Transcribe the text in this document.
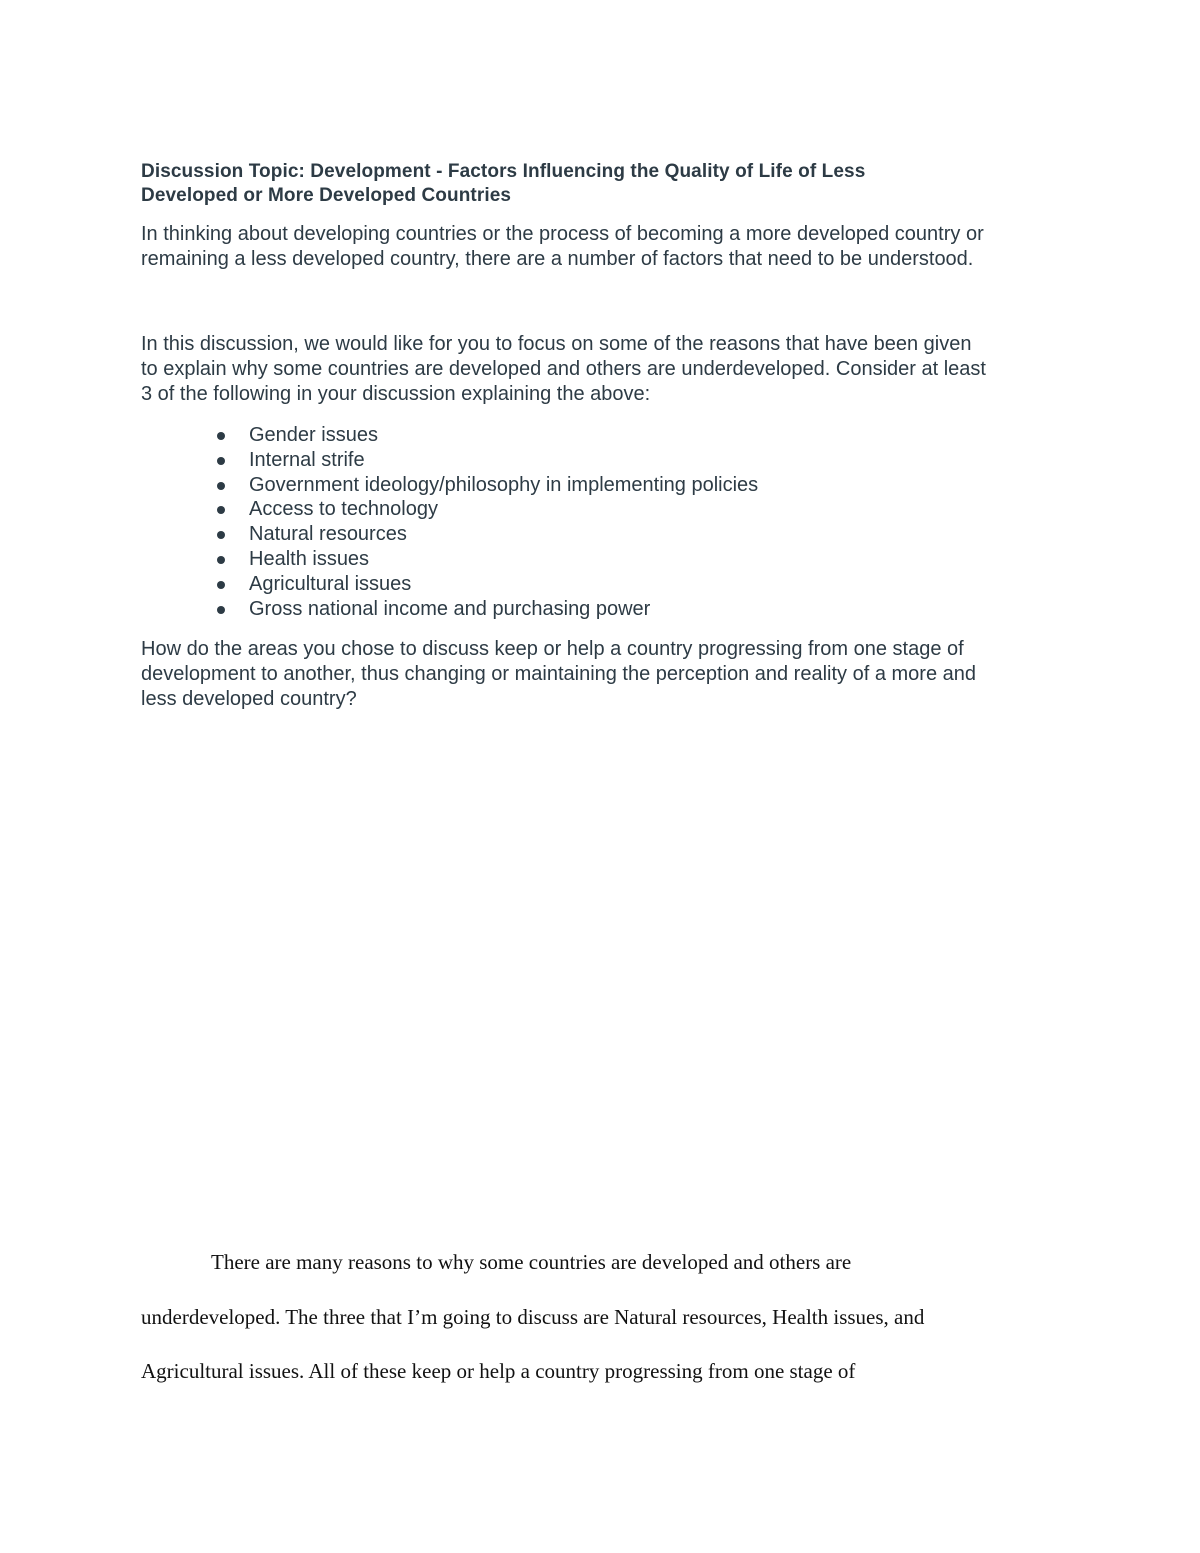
Discussion Topic: Development - Factors Influencing the Quality of Life of Less
Developed or More Developed Countries
In thinking about developing countries or the process of becoming a more developed country or
remaining a less developed country, there are a number of factors that need to be understood.
In this discussion, we would like for you to focus on some of the reasons that have been given
to explain why some countries are developed and others are underdeveloped. Consider at least
3 of the following in your discussion explaining the above:
Gender issues
Internal strife
Government ideology/philosophy in implementing policies
Access to technology
Natural resources
Health issues
Agricultural issues
Gross national income and purchasing power
How do the areas you chose to discuss keep or help a country progressing from one stage of
development to another, thus changing or maintaining the perception and reality of a more and
less developed country?
There are many reasons to why some countries are developed and others are
underdeveloped. The three that I’m going to discuss are Natural resources, Health issues, and
Agricultural issues. All of these keep or help a country progressing from one stage of
